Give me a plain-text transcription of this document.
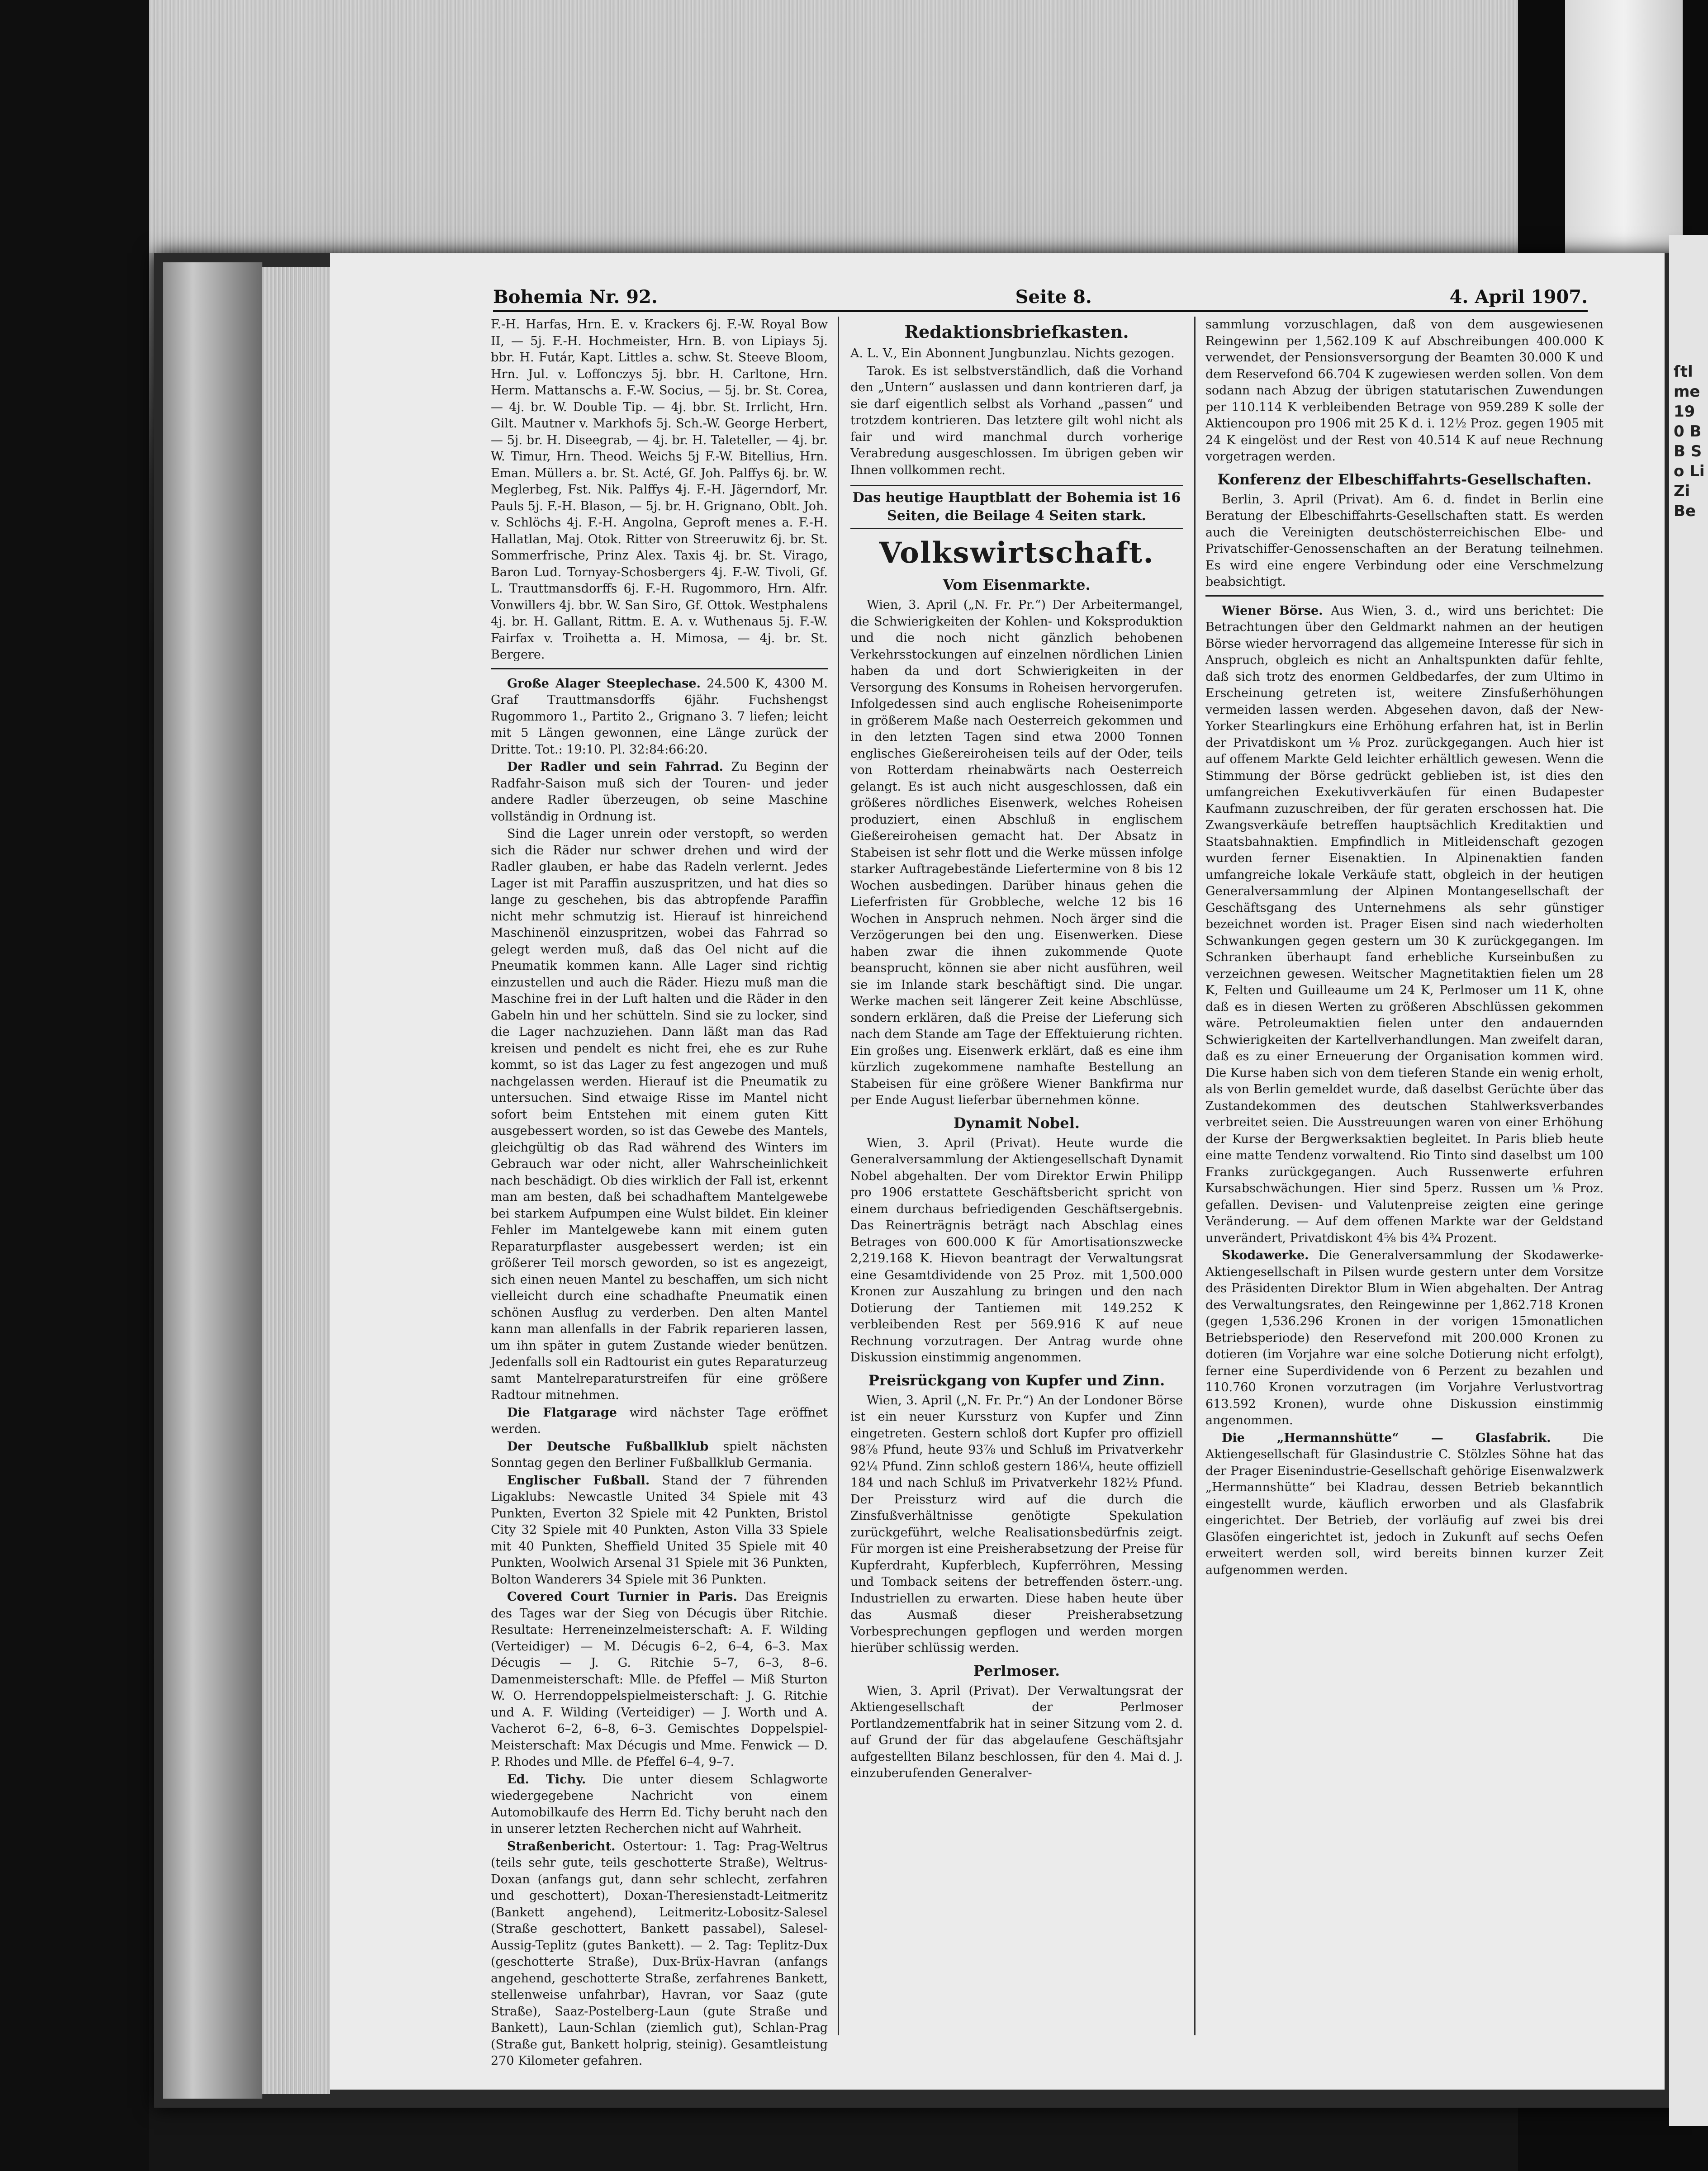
ſtl me 190 B B So Li Zi Be
Bohemia Nr. 92.	Seite 8.	4. April 1907.

F.-H. Harfas, Hrn. E. v. Krackers 6j. F.-W. Royal Bow II, — 5j. F.-H. Hochmeister, Hrn. B. von Lipiays 5j. bbr. H. Futár, Kapt. Littles a. schw. St. Steeve Bloom, Hrn. Jul. v. Loffonczys 5j. bbr. H. Carltone, Hrn. Herm. Mattanschs a. F.-W. Socius, — 5j. br. St. Corea, — 4j. br. W. Double Tip. — 4j. bbr. St. Irrlicht, Hrn. Gilt. Mautner v. Markhofs 5j. Sch.-W. George Herbert, — 5j. br. H. Diseegrab, — 4j. br. H. Taleteller, — 4j. br. W. Timur, Hrn. Theod. Weichs 5j F.-W. Bitellius, Hrn. Eman. Müllers a. br. St. Acté, Gf. Joh. Palffys 6j. br. W. Meglerbeg, Fst. Nik. Palffys 4j. F.-H. Jägerndorf, Mr. Pauls 5j. F.-H. Blason, — 5j. br. H. Grignano, Oblt. Joh. v. Schlöchs 4j. F.-H. Angolna, Geproft menes a. F.-H. Hallatlan, Maj. Otok. Ritter von Streeruwitz 6j. br. St. Sommerfrische, Prinz Alex. Taxis 4j. br. St. Virago, Baron Lud. Tornyay-Schosbergers 4j. F.-W. Tivoli, Gf. L. Trauttmansdorffs 6j. F.-H. Rugommoro, Hrn. Alfr. Vonwillers 4j. bbr. W. San Siro, Gf. Ottok. Westphalens 4j. br. H. Gallant, Rittm. E. A. v. Wuthenaus 5j. F.-W. Fairfax v. Troihetta a. H. Mimosa, — 4j. br. St. Bergere.

Große Alager Steeplechase. 24.500 K, 4300 M. Graf Trauttmansdorffs 6jähr. Fuchshengst Rugommoro 1., Partito 2., Grignano 3. 7 liefen; leicht mit 5 Längen gewonnen, eine Länge zurück der Dritte. Tot.: 19:10. Pl. 32:84:66:20.

Der Radler und sein Fahrrad. Zu Beginn der Radfahr-Saison muß sich der Touren- und jeder andere Radler überzeugen, ob seine Maschine vollständig in Ordnung ist.

Sind die Lager unrein oder verstopft, so werden sich die Räder nur schwer drehen und wird der Radler glauben, er habe das Radeln verlernt. Jedes Lager ist mit Paraffin auszuspritzen, und hat dies so lange zu geschehen, bis das abtropfende Paraffin nicht mehr schmutzig ist. Hierauf ist hinreichend Maschinenöl einzuspritzen, wobei das Fahrrad so gelegt werden muß, daß das Oel nicht auf die Pneumatik kommen kann. Alle Lager sind richtig einzustellen und auch die Räder. Hiezu muß man die Maschine frei in der Luft halten und die Räder in den Gabeln hin und her schütteln. Sind sie zu locker, sind die Lager nachzuziehen. Dann läßt man das Rad kreisen und pendelt es nicht frei, ehe es zur Ruhe kommt, so ist das Lager zu fest angezogen und muß nachgelassen werden. Hierauf ist die Pneumatik zu untersuchen. Sind etwaige Risse im Mantel nicht sofort beim Entstehen mit einem guten Kitt ausgebessert worden, so ist das Gewebe des Mantels, gleichgültig ob das Rad während des Winters im Gebrauch war oder nicht, aller Wahrscheinlichkeit nach beschädigt. Ob dies wirklich der Fall ist, erkennt man am besten, daß bei schadhaftem Mantelgewebe bei starkem Aufpumpen eine Wulst bildet. Ein kleiner Fehler im Mantelgewebe kann mit einem guten Reparaturpflaster ausgebessert werden; ist ein größerer Teil morsch geworden, so ist es angezeigt, sich einen neuen Mantel zu beschaffen, um sich nicht vielleicht durch eine schadhafte Pneumatik einen schönen Ausflug zu verderben. Den alten Mantel kann man allenfalls in der Fabrik reparieren lassen, um ihn später in gutem Zustande wieder benützen. Jedenfalls soll ein Radtourist ein gutes Reparaturzeug samt Mantelreparaturstreifen für eine größere Radtour mitnehmen.

Die Flatgarage wird nächster Tage eröffnet werden.

Der Deutsche Fußballklub spielt nächsten Sonntag gegen den Berliner Fußballklub Germania.

Englischer Fußball. Stand der 7 führenden Ligaklubs: Newcastle United 34 Spiele mit 43 Punkten, Everton 32 Spiele mit 42 Punkten, Bristol City 32 Spiele mit 40 Punkten, Aston Villa 33 Spiele mit 40 Punkten, Sheffield United 35 Spiele mit 40 Punkten, Woolwich Arsenal 31 Spiele mit 36 Punkten, Bolton Wanderers 34 Spiele mit 36 Punkten.

Covered Court Turnier in Paris. Das Ereignis des Tages war der Sieg von Décugis über Ritchie. Resultate: Herreneinzelmeisterschaft: A. F. Wilding (Verteidiger) — M. Décugis 6–2, 6–4, 6–3. Max Décugis — J. G. Ritchie 5–7, 6–3, 8–6. Damenmeisterschaft: Mlle. de Pfeffel — Miß Sturton W. O. Herrendoppelspielmeisterschaft: J. G. Ritchie und A. F. Wilding (Verteidiger) — J. Worth und A. Vacherot 6–2, 6–8, 6–3. Gemischtes Doppelspiel-Meisterschaft: Max Décugis und Mme. Fenwick — D. P. Rhodes und Mlle. de Pfeffel 6–4, 9–7.

Ed. Tichy. Die unter diesem Schlagworte wiedergegebene Nachricht von einem Automobilkaufe des Herrn Ed. Tichy beruht nach den in unserer letzten Recherchen nicht auf Wahrheit.

Straßenbericht. Ostertour: 1. Tag: Prag-Weltrus (teils sehr gute, teils geschotterte Straße), Weltrus-Doxan (anfangs gut, dann sehr schlecht, zerfahren und geschottert), Doxan-Theresienstadt-Leitmeritz (Bankett angehend), Leitmeritz-Lobositz-Salesel (Straße geschottert, Bankett passabel), Salesel-Aussig-Teplitz (gutes Bankett). — 2. Tag: Teplitz-Dux (geschotterte Straße), Dux-Brüx-Havran (anfangs angehend, geschotterte Straße, zerfahrenes Bankett, stellenweise unfahrbar), Havran, vor Saaz (gute Straße), Saaz-Postelberg-Laun (gute Straße und Bankett), Laun-Schlan (ziemlich gut), Schlan-Prag (Straße gut, Bankett holprig, steinig). Gesamtleistung 270 Kilometer gefahren.

Redaktionsbriefkasten.

A. L. V., Ein Abonnent Jungbunzlau. Nichts gezogen.

Tarok. Es ist selbstverständlich, daß die Vorhand den „Untern“ auslassen und dann kontrieren darf, ja sie darf eigentlich selbst als Vorhand „passen“ und trotzdem kontrieren. Das letztere gilt wohl nicht als fair und wird manchmal durch vorherige Verabredung ausgeschlossen. Im übrigen geben wir Ihnen vollkommen recht.

Das heutige Hauptblatt der Bohemia ist 16 Seiten, die Beilage 4 Seiten stark.
Volkswirtschaft.
Vom Eisenmarkte.

Wien, 3. April („N. Fr. Pr.“) Der Arbeitermangel, die Schwierigkeiten der Kohlen- und Koksproduktion und die noch nicht gänzlich behobenen Verkehrsstockungen auf einzelnen nördlichen Linien haben da und dort Schwierigkeiten in der Versorgung des Konsums in Roheisen hervorgerufen. Infolgedessen sind auch englische Roheisenimporte in größerem Maße nach Oesterreich gekommen und in den letzten Tagen sind etwa 2000 Tonnen englisches Gießereiroheisen teils auf der Oder, teils von Rotterdam rheinabwärts nach Oesterreich gelangt. Es ist auch nicht ausgeschlossen, daß ein größeres nördliches Eisenwerk, welches Roheisen produziert, einen Abschluß in englischem Gießereiroheisen gemacht hat. Der Absatz in Stabeisen ist sehr flott und die Werke müssen infolge starker Auftragebestände Liefertermine von 8 bis 12 Wochen ausbedingen. Darüber hinaus gehen die Lieferfristen für Grobbleche, welche 12 bis 16 Wochen in Anspruch nehmen. Noch ärger sind die Verzögerungen bei den ung. Eisenwerken. Diese haben zwar die ihnen zukommende Quote beansprucht, können sie aber nicht ausführen, weil sie im Inlande stark beschäftigt sind. Die ungar. Werke machen seit längerer Zeit keine Abschlüsse, sondern erklären, daß die Preise der Lieferung sich nach dem Stande am Tage der Effektuierung richten. Ein großes ung. Eisenwerk erklärt, daß es eine ihm kürzlich zugekommene namhafte Bestellung an Stabeisen für eine größere Wiener Bankfirma nur per Ende August lieferbar übernehmen könne.

Dynamit Nobel.

Wien, 3. April (Privat). Heute wurde die Generalversammlung der Aktiengesellschaft Dynamit Nobel abgehalten. Der vom Direktor Erwin Philipp pro 1906 erstattete Geschäftsbericht spricht von einem durchaus befriedigenden Geschäftsergebnis. Das Reinerträgnis beträgt nach Abschlag eines Betrages von 600.000 K für Amortisationszwecke 2,219.168 K. Hievon beantragt der Verwaltungsrat eine Gesamtdividende von 25 Proz. mit 1,500.000 Kronen zur Auszahlung zu bringen und den nach Dotierung der Tantiemen mit 149.252 K verbleibenden Rest per 569.916 K auf neue Rechnung vorzutragen. Der Antrag wurde ohne Diskussion einstimmig angenommen.

Preisrückgang von Kupfer und Zinn.

Wien, 3. April („N. Fr. Pr.“) An der Londoner Börse ist ein neuer Kurssturz von Kupfer und Zinn eingetreten. Gestern schloß dort Kupfer pro offiziell 98⅞ Pfund, heute 93⅞ und Schluß im Privatverkehr 92¼ Pfund. Zinn schloß gestern 186¼, heute offiziell 184 und nach Schluß im Privatverkehr 182½ Pfund. Der Preissturz wird auf die durch die Zinsfußverhältnisse genötigte Spekulation zurückgeführt, welche Realisationsbedürfnis zeigt. Für morgen ist eine Preisherabsetzung der Preise für Kupferdraht, Kupferblech, Kupferröhren, Messing und Tomback seitens der betreffenden österr.-ung. Industriellen zu erwarten. Diese haben heute über das Ausmaß dieser Preisherabsetzung Vorbesprechungen gepflogen und werden morgen hierüber schlüssig werden.

Perlmoser.

Wien, 3. April (Privat). Der Verwaltungsrat der Aktiengesellschaft der Perlmoser Portlandzementfabrik hat in seiner Sitzung vom 2. d. auf Grund der für das abgelaufene Geschäftsjahr aufgestellten Bilanz beschlossen, für den 4. Mai d. J. einzuberufenden Generalver-

sammlung vorzuschlagen, daß von dem ausgewiesenen Reingewinn per 1,562.109 K auf Abschreibungen 400.000 K verwendet, der Pensionsversorgung der Beamten 30.000 K und dem Reservefond 66.704 K zugewiesen werden sollen. Von dem sodann nach Abzug der übrigen statutarischen Zuwendungen per 110.114 K verbleibenden Betrage von 959.289 K solle der Aktiencoupon pro 1906 mit 25 K d. i. 12½ Proz. gegen 1905 mit 24 K eingelöst und der Rest von 40.514 K auf neue Rechnung vorgetragen werden.

Konferenz der Elbeschiffahrts-Gesellschaften.

Berlin, 3. April (Privat). Am 6. d. findet in Berlin eine Beratung der Elbeschiffahrts-Gesellschaften statt. Es werden auch die Vereinigten deutschösterreichischen Elbe- und Privatschiffer-Genossenschaften an der Beratung teilnehmen. Es wird eine engere Verbindung oder eine Verschmelzung beabsichtigt.

Wiener Börse. Aus Wien, 3. d., wird uns berichtet: Die Betrachtungen über den Geldmarkt nahmen an der heutigen Börse wieder hervorragend das allgemeine Interesse für sich in Anspruch, obgleich es nicht an Anhaltspunkten dafür fehlte, daß sich trotz des enormen Geldbedarfes, der zum Ultimo in Erscheinung getreten ist, weitere Zinsfußerhöhungen vermeiden lassen werden. Abgesehen davon, daß der New-Yorker Stearlingkurs eine Erhöhung erfahren hat, ist in Berlin der Privatdiskont um ⅛ Proz. zurückgegangen. Auch hier ist auf offenem Markte Geld leichter erhältlich gewesen. Wenn die Stimmung der Börse gedrückt geblieben ist, ist dies den umfangreichen Exekutivverkäufen für einen Budapester Kaufmann zuzuschreiben, der für geraten erschossen hat. Die Zwangsverkäufe betreffen hauptsächlich Kreditaktien und Staatsbahnaktien. Empfindlich in Mitleidenschaft gezogen wurden ferner Eisenaktien. In Alpinenaktien fanden umfangreiche lokale Verkäufe statt, obgleich in der heutigen Generalversammlung der Alpinen Montangesellschaft der Geschäftsgang des Unternehmens als sehr günstiger bezeichnet worden ist. Prager Eisen sind nach wiederholten Schwankungen gegen gestern um 30 K zurückgegangen. Im Schranken überhaupt fand erhebliche Kurseinbußen zu verzeichnen gewesen. Weitscher Magnetitaktien fielen um 28 K, Felten und Guilleaume um 24 K, Perlmoser um 11 K, ohne daß es in diesen Werten zu größeren Abschlüssen gekommen wäre. Petroleumaktien fielen unter den andauernden Schwierigkeiten der Kartellverhandlungen. Man zweifelt daran, daß es zu einer Erneuerung der Organisation kommen wird. Die Kurse haben sich von dem tieferen Stande ein wenig erholt, als von Berlin gemeldet wurde, daß daselbst Gerüchte über das Zustandekommen des deutschen Stahlwerksverbandes verbreitet seien. Die Ausstreuungen waren von einer Erhöhung der Kurse der Bergwerksaktien begleitet. In Paris blieb heute eine matte Tendenz vorwaltend. Rio Tinto sind daselbst um 100 Franks zurückgegangen. Auch Russenwerte erfuhren Kursabschwächungen. Hier sind 5perz. Russen um ⅛ Proz. gefallen. Devisen- und Valutenpreise zeigten eine geringe Veränderung. — Auf dem offenen Markte war der Geldstand unverändert, Privatdiskont 4⅝ bis 4¾ Prozent.

Skodawerke. Die Generalversammlung der Skodawerke-Aktiengesellschaft in Pilsen wurde gestern unter dem Vorsitze des Präsidenten Direktor Blum in Wien abgehalten. Der Antrag des Verwaltungsrates, den Reingewinne per 1,862.718 Kronen (gegen 1,536.296 Kronen in der vorigen 15monatlichen Betriebsperiode) den Reservefond mit 200.000 Kronen zu dotieren (im Vorjahre war eine solche Dotierung nicht erfolgt), ferner eine Superdividende von 6 Perzent zu bezahlen und 110.760 Kronen vorzutragen (im Vorjahre Verlustvortrag 613.592 Kronen), wurde ohne Diskussion einstimmig angenommen.

Die „Hermannshütte“ — Glasfabrik.	Die Aktiengesellschaft für Glasindustrie C. Stölzles Söhne hat das der Prager Eisenindustrie-Gesellschaft gehörige Eisenwalzwerk „Hermannshütte“ bei Kladrau, dessen Betrieb bekanntlich eingestellt wurde, käuflich erworben und als Glasfabrik eingerichtet. Der Betrieb, der vorläufig auf zwei bis drei Glasöfen eingerichtet ist, jedoch in Zukunft auf sechs Oefen erweitert werden soll, wird bereits binnen kurzer Zeit aufgenommen werden.
